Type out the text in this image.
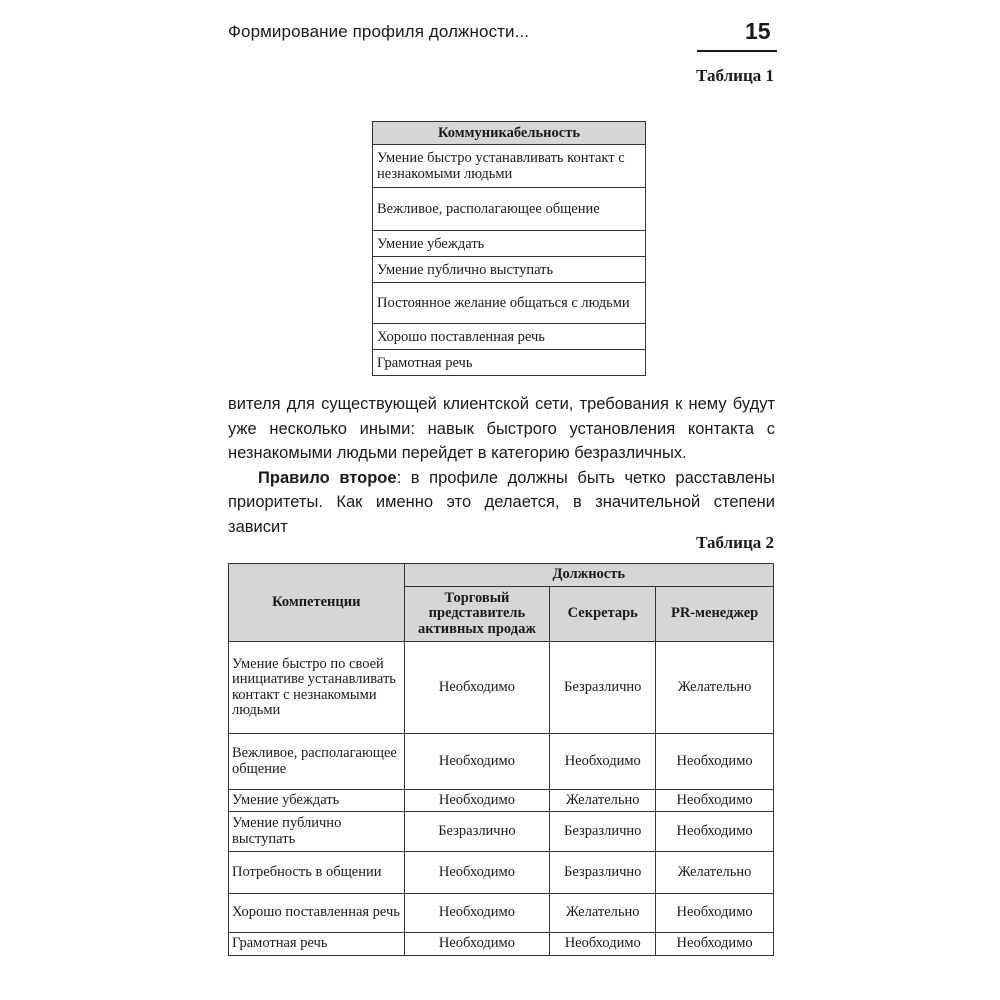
Формирование профиля должности...	15
Таблица 1
Коммуникабельность
Умение быстро устанавливать контакт с незнакомыми людьми
Вежливое, располагающее общение
Умение убеждать
Умение публично выступать
Постоянное желание общаться с людьми
Хорошо поставленная речь
Грамотная речь

вителя для существующей клиентской сети, требования к нему будут уже несколько иными: навык быстрого установления контакта с незнакомыми людьми перейдет в категорию безразличных.

Правило второе: в профиле должны быть четко расставлены приоритеты. Как именно это делается, в значительной степени зависит

Таблица 2
Компетенции	Должность		
	Торговый представитель активных продаж	Секретарь	PR-менеджер
Умение быстро по своей инициативе устанавливать контакт с незнакомыми людьми	Необходимо	Безразлично	Желательно
Вежливое, располагающее общение	Необходимо	Необходимо	Необходимо
Умение убеждать	Необходимо	Желательно	Необходимо
Умение публично выступать	Безразлично	Безразлично	Необходимо
Потребность в общении	Необходимо	Безразлично	Желательно
Хорошо поставленная речь	Необходимо	Желательно	Необходимо
Грамотная речь	Необходимо	Необходимо	Необходимо
